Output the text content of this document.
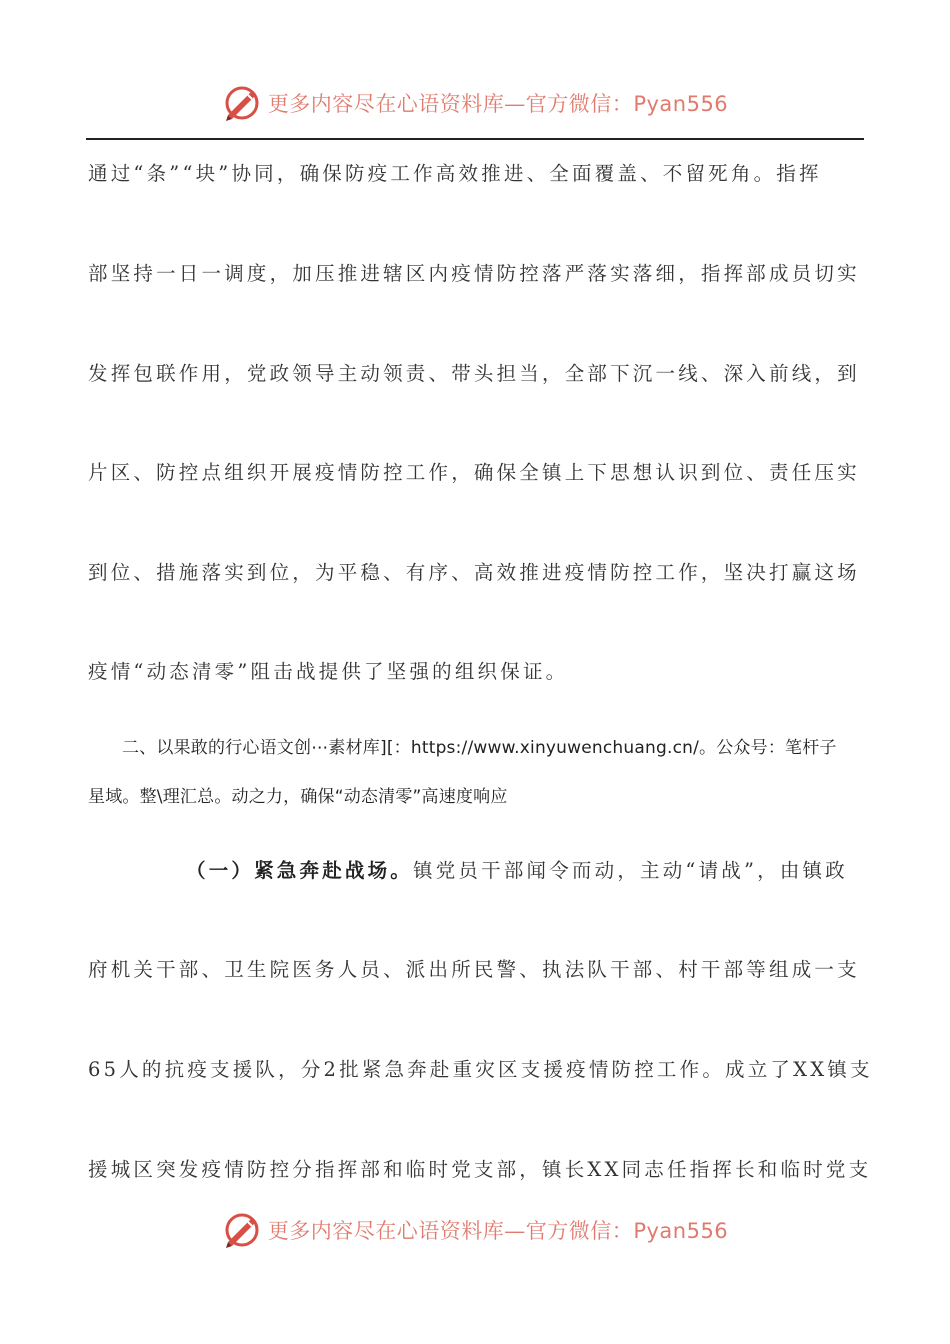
更多内容尽在心语资料库—官方微信：Pyan556
通过“条”“块”协同，确保防疫工作高效推进、全面覆盖、不留死角。指挥
部坚持一日一调度，加压推进辖区内疫情防控落严落实落细，指挥部成员切实
发挥包联作用，党政领导主动领责、带头担当，全部下沉一线、深入前线，到
片区、防控点组织开展疫情防控工作，确保全镇上下思想认识到位、责任压实
到位、措施落实到位，为平稳、有序、高效推进疫情防控工作，坚决打赢这场
疫情“动态清零”阻击战提供了坚强的组织保证。
二、以果敢的行心语文创⋯素材库][：https://www.xinyuwenchuang.cn/。公众号：笔杆子
星域。整\理汇总。动之力，确保“动态清零”高速度响应
（一）紧急奔赴战场。镇党员干部闻令而动，主动“请战”，由镇政
府机关干部、卫生院医务人员、派出所民警、执法队干部、村干部等组成一支
65人的抗疫支援队，分2批紧急奔赴重灾区支援疫情防控工作。成立了XX镇支
援城区突发疫情防控分指挥部和临时党支部，镇长XX同志任指挥长和临时党支
更多内容尽在心语资料库—官方微信：Pyan556
